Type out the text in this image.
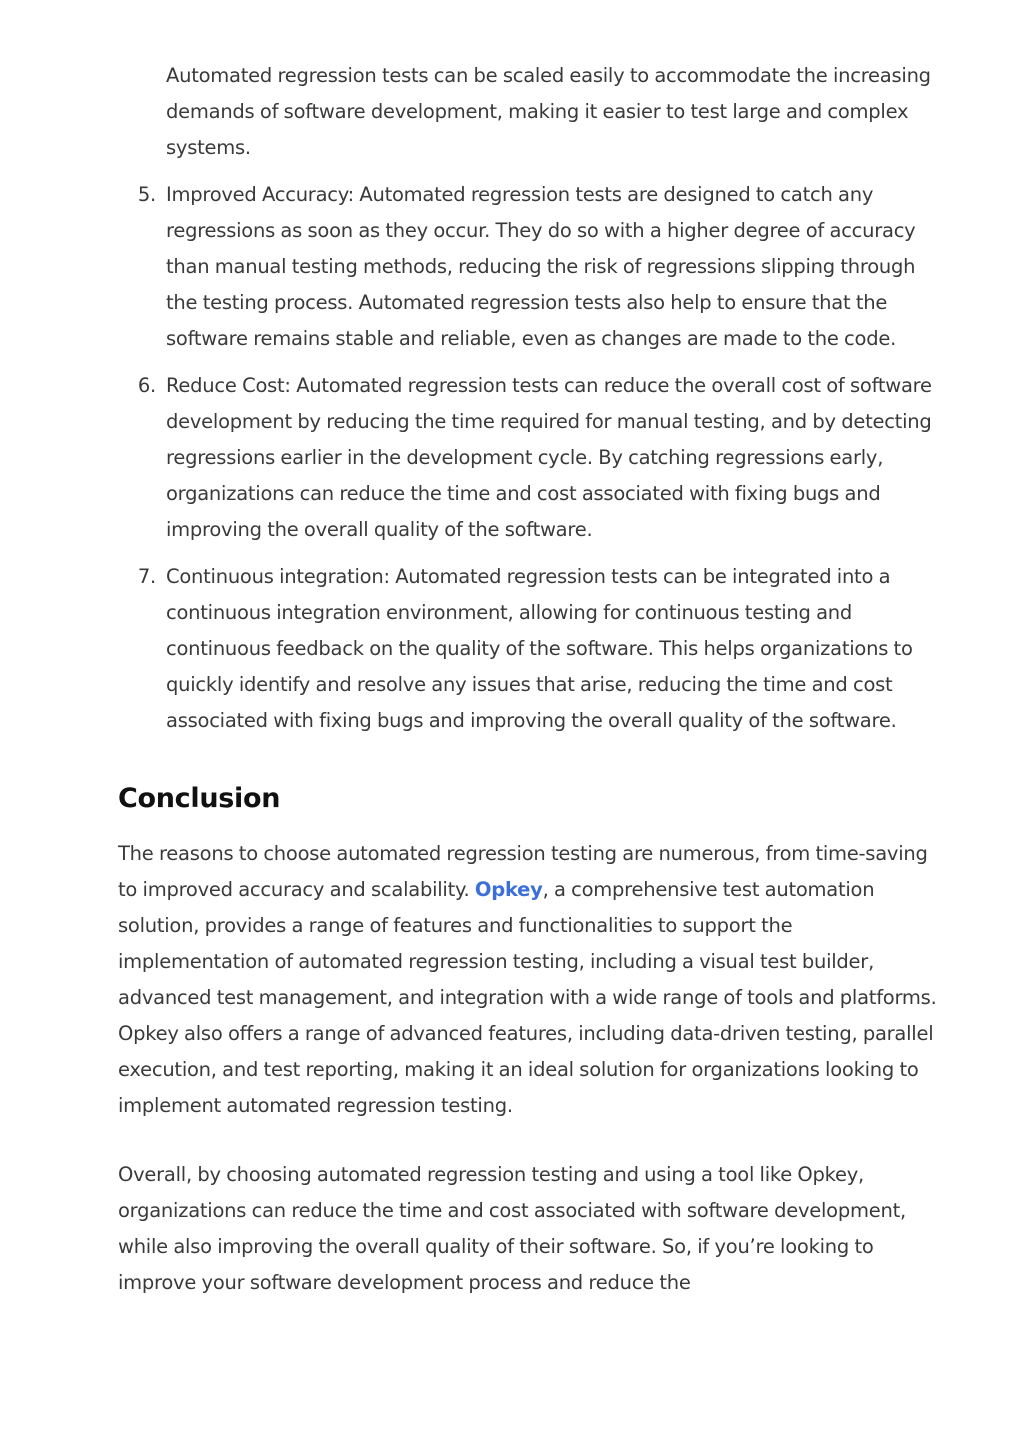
Automated regression tests can be scaled easily to accommodate the increasing demands of software development, making it easier to test large and complex systems.

5. Improved Accuracy: Automated regression tests are designed to catch any regressions as soon as they occur. They do so with a higher degree of accuracy than manual testing methods, reducing the risk of regressions slipping through the testing process. Automated regression tests also help to ensure that the software remains stable and reliable, even as changes are made to the code.

6. Reduce Cost: Automated regression tests can reduce the overall cost of software development by reducing the time required for manual testing, and by detecting regressions earlier in the development cycle. By catching regressions early, organizations can reduce the time and cost associated with fixing bugs and improving the overall quality of the software.

7. Continuous integration: Automated regression tests can be integrated into a continuous integration environment, allowing for continuous testing and continuous feedback on the quality of the software. This helps organizations to quickly identify and resolve any issues that arise, reducing the time and cost associated with fixing bugs and improving the overall quality of the software.

Conclusion

The reasons to choose automated regression testing are numerous, from time-saving to improved accuracy and scalability. Opkey, a comprehensive test automation solution, provides a range of features and functionalities to support the implementation of automated regression testing, including a visual test builder, advanced test management, and integration with a wide range of tools and platforms. Opkey also offers a range of advanced features, including data-driven testing, parallel execution, and test reporting, making it an ideal solution for organizations looking to implement automated regression testing.

Overall, by choosing automated regression testing and using a tool like Opkey, organizations can reduce the time and cost associated with software development, while also improving the overall quality of their software. So, if you’re looking to improve your software development process and reduce the
